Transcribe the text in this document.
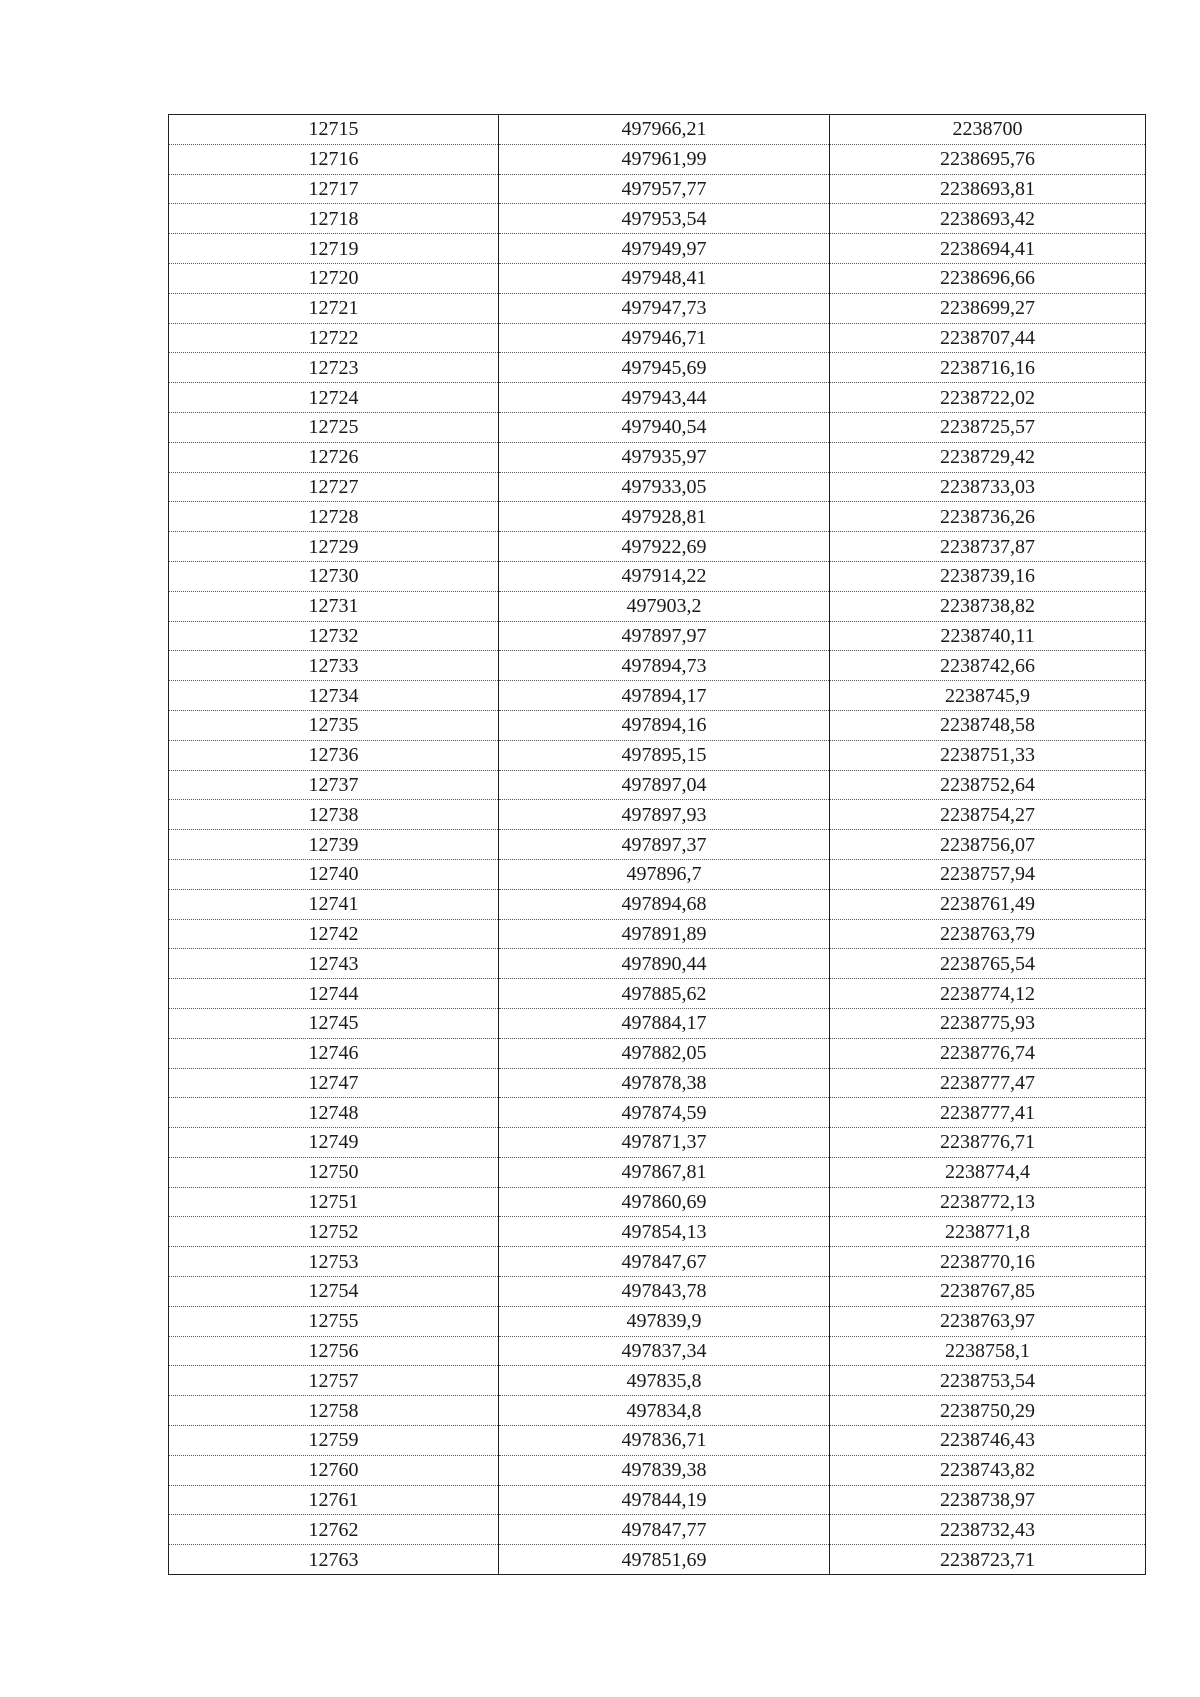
12715	497966,21	2238700
12716	497961,99	2238695,76
12717	497957,77	2238693,81
12718	497953,54	2238693,42
12719	497949,97	2238694,41
12720	497948,41	2238696,66
12721	497947,73	2238699,27
12722	497946,71	2238707,44
12723	497945,69	2238716,16
12724	497943,44	2238722,02
12725	497940,54	2238725,57
12726	497935,97	2238729,42
12727	497933,05	2238733,03
12728	497928,81	2238736,26
12729	497922,69	2238737,87
12730	497914,22	2238739,16
12731	497903,2	2238738,82
12732	497897,97	2238740,11
12733	497894,73	2238742,66
12734	497894,17	2238745,9
12735	497894,16	2238748,58
12736	497895,15	2238751,33
12737	497897,04	2238752,64
12738	497897,93	2238754,27
12739	497897,37	2238756,07
12740	497896,7	2238757,94
12741	497894,68	2238761,49
12742	497891,89	2238763,79
12743	497890,44	2238765,54
12744	497885,62	2238774,12
12745	497884,17	2238775,93
12746	497882,05	2238776,74
12747	497878,38	2238777,47
12748	497874,59	2238777,41
12749	497871,37	2238776,71
12750	497867,81	2238774,4
12751	497860,69	2238772,13
12752	497854,13	2238771,8
12753	497847,67	2238770,16
12754	497843,78	2238767,85
12755	497839,9	2238763,97
12756	497837,34	2238758,1
12757	497835,8	2238753,54
12758	497834,8	2238750,29
12759	497836,71	2238746,43
12760	497839,38	2238743,82
12761	497844,19	2238738,97
12762	497847,77	2238732,43
12763	497851,69	2238723,71
